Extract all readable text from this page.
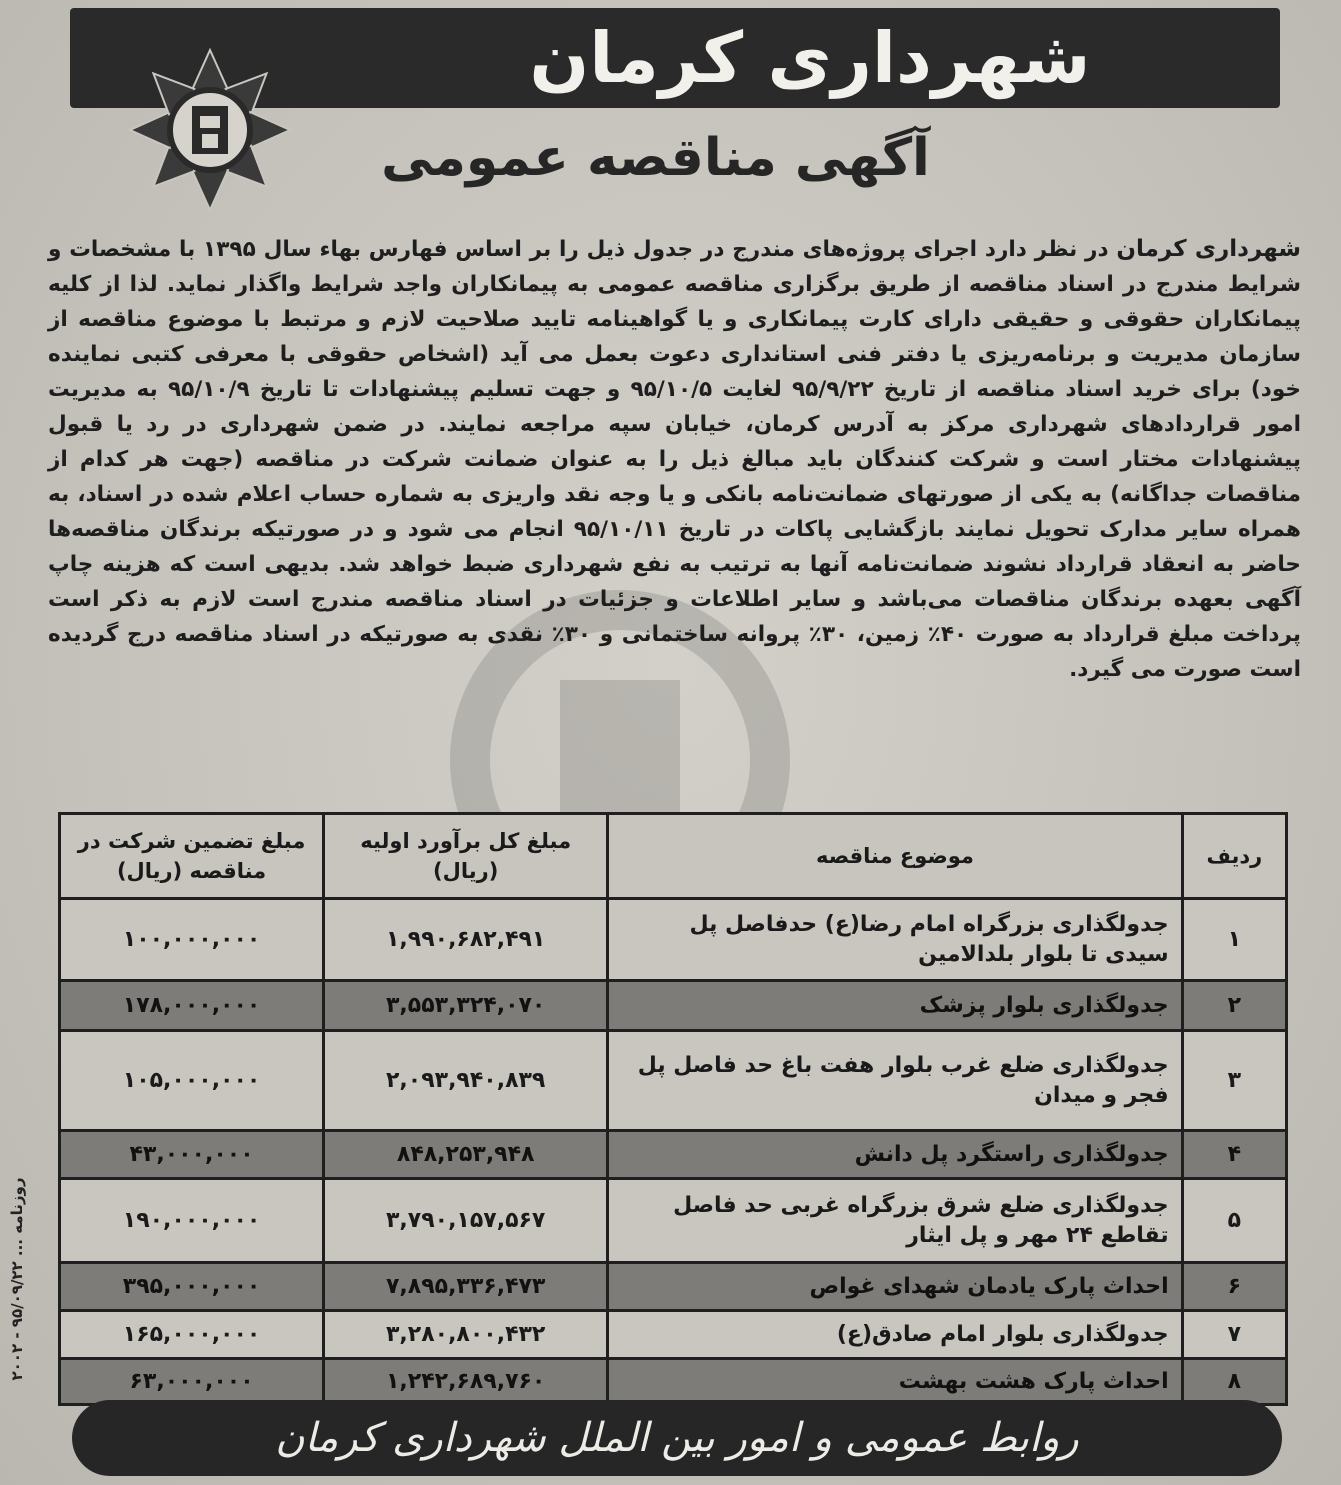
شهرداری کرمان
آگهی مناقصه عمومی
شهرداری کرمان در نظر دارد اجرای پروژه‌های مندرج در جدول ذیل را بر اساس فهارس بهاء سال ۱۳۹۵ با مشخصات و شرایط مندرج در اسناد مناقصه از طریق برگزاری مناقصه عمومی به پیمانکاران واجد شرایط واگذار نماید. لذا از کلیه پیمانکاران حقوقی و حقیقی دارای کارت پیمانکاری و یا گواهینامه تایید صلاحیت لازم و مرتبط با موضوع مناقصه از سازمان مدیریت و برنامه‌ریزی یا دفتر فنی استانداری دعوت بعمل می آید (اشخاص حقوقی با معرفی کتبی نماینده خود) برای خرید اسناد مناقصه از تاریخ ۹۵/۹/۲۲ لغایت ۹۵/۱۰/۵ و جهت تسلیم پیشنهادات تا تاریخ ۹۵/۱۰/۹ به مدیریت امور قراردادهای شهرداری مرکز به آدرس کرمان، خیابان سپه مراجعه نمایند. در ضمن شهرداری در رد یا قبول پیشنهادات مختار است و شرکت کنندگان باید مبالغ ذیل را به عنوان ضمانت شرکت در مناقصه (جهت هر کدام از مناقصات جداگانه) به یکی از صورتهای ضمانت‌نامه بانکی و یا وجه نقد واریزی به شماره حساب اعلام شده در اسناد، به همراه سایر مدارک تحویل نمایند بازگشایی پاکات در تاریخ ۹۵/۱۰/۱۱ انجام می شود و در صورتیکه برندگان مناقصه‌ها حاضر به انعقاد قرارداد نشوند ضمانت‌نامه آنها به ترتیب به نفع شهرداری ضبط خواهد شد. بدیهی است که هزینه چاپ آگهی بعهده برندگان مناقصات می‌باشد و سایر اطلاعات و جزئیات در اسناد مناقصه مندرج است لازم به ذکر است پرداخت مبلغ قرارداد به صورت ۴۰٪ زمین، ۳۰٪ پروانه ساختمانی و ۳۰٪ نقدی به صورتیکه در اسناد مناقصه درج گردیده است صورت می گیرد.
ردیف	موضوع مناقصه	مبلغ کل برآورد اولیه (ریال)	مبلغ تضمین شرکت در مناقصه (ریال)
۱	جدولگذاری بزرگراه امام رضا(ع) حدفاصل پل سیدی تا بلوار بلدالامین	۱,۹۹۰,۶۸۲,۴۹۱	۱۰۰,۰۰۰,۰۰۰
۲	جدولگذاری بلوار پزشک	۳,۵۵۳,۳۲۴,۰۷۰	۱۷۸,۰۰۰,۰۰۰
۳	جدولگذاری ضلع غرب بلوار هفت باغ حد فاصل پل فجر و میدان	۲,۰۹۳,۹۴۰,۸۳۹	۱۰۵,۰۰۰,۰۰۰
۴	جدولگذاری راستگرد پل دانش	۸۴۸,۲۵۳,۹۴۸	۴۳,۰۰۰,۰۰۰
۵	جدولگذاری ضلع شرق بزرگراه غربی حد فاصل تقاطع ۲۴ مهر و پل ایثار	۳,۷۹۰,۱۵۷,۵۶۷	۱۹۰,۰۰۰,۰۰۰
۶	احداث پارک یادمان شهدای غواص	۷,۸۹۵,۳۳۶,۴۷۳	۳۹۵,۰۰۰,۰۰۰
۷	جدولگذاری بلوار امام صادق(ع)	۳,۲۸۰,۸۰۰,۴۳۲	۱۶۵,۰۰۰,۰۰۰
۸	احداث پارک هشت بهشت	۱,۲۴۲,۶۸۹,۷۶۰	۶۳,۰۰۰,۰۰۰
روابط عمومی و امور بین الملل شهرداری کرمان
روزنامه ... ۹۵/۰۹/۲۲ - ۲۰۰۲
